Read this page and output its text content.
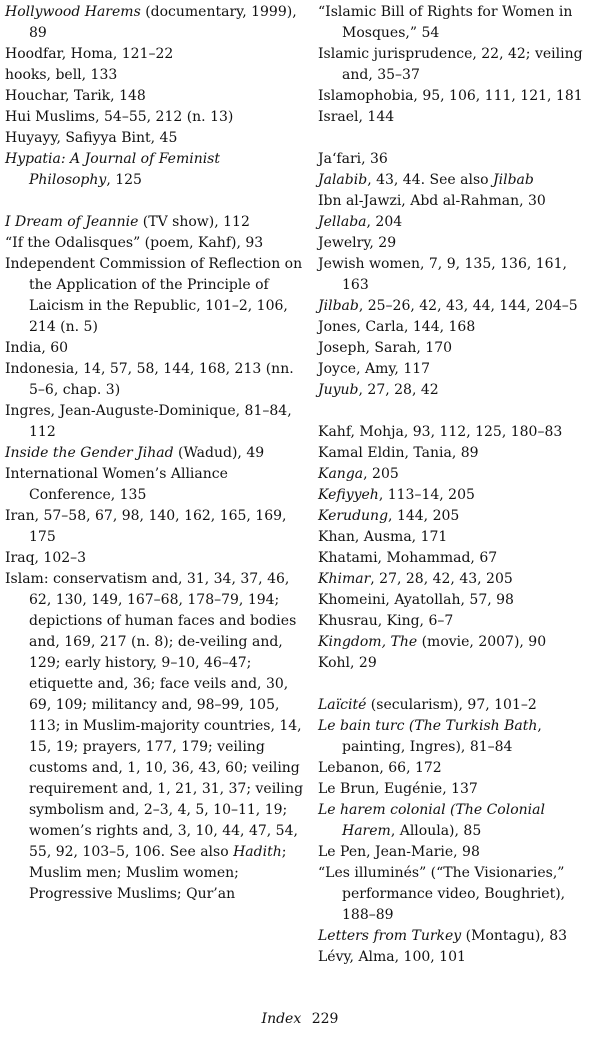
Hollywood Harems (documentary, 1999), 89

Hoodfar, Homa, 121–22

hooks, bell, 133

Houchar, Tarik, 148

Hui Muslims, 54–55, 212 (n. 13)

Huyayy, Safiyya Bint, 45

Hypatia: A Journal of Feminist Philosophy, 125

I Dream of Jeannie (TV show), 112

“If the Odalisques” (poem, Kahf), 93

Independent Commission of Reflection on the Application of the Principle of Laicism in the Republic, 101–2, 106, 214 (n. 5)

India, 60

Indonesia, 14, 57, 58, 144, 168, 213 (nn. 5–6, chap. 3)

Ingres, Jean-Auguste-Dominique, 81–84, 112

Inside the Gender Jihad (Wadud), 49

International Women’s Alliance Conference, 135

Iran, 57–58, 67, 98, 140, 162, 165, 169, 175

Iraq, 102–3

Islam: conservatism and, 31, 34, 37, 46, 62, 130, 149, 167–68, 178–79, 194; depictions of human faces and bodies and, 169, 217 (n. 8); de-veiling and, 129; early history, 9–10, 46–47; etiquette and, 36; face veils and, 30, 69, 109; militancy and, 98–99, 105, 113; in Muslim-majority countries, 14, 15, 19; prayers, 177, 179; veiling customs and, 1, 10, 36, 43, 60; veiling requirement and, 1, 21, 31, 37; veiling symbolism and, 2–3, 4, 5, 10–11, 19; women’s rights and, 3, 10, 44, 47, 54, 55, 92, 103–5, 106. See also Hadith; Muslim men; Muslim women; Progressive Muslims; Qur’an

“Islamic Bill of Rights for Women in Mosques,” 54

Islamic jurisprudence, 22, 42; veiling and, 35–37

Islamophobia, 95, 106, 111, 121, 181

Israel, 144

Ja‘fari, 36

Jalabib, 43, 44. See also Jilbab

Ibn al-Jawzi, Abd al-Rahman, 30

Jellaba, 204

Jewelry, 29

Jewish women, 7, 9, 135, 136, 161, 163

Jilbab, 25–26, 42, 43, 44, 144, 204–5

Jones, Carla, 144, 168

Joseph, Sarah, 170

Joyce, Amy, 117

Juyub, 27, 28, 42

Kahf, Mohja, 93, 112, 125, 180–83

Kamal Eldin, Tania, 89

Kanga, 205

Kefiyyeh, 113–14, 205

Kerudung, 144, 205

Khan, Ausma, 171

Khatami, Mohammad, 67

Khimar, 27, 28, 42, 43, 205

Khomeini, Ayatollah, 57, 98

Khusrau, King, 6–7

Kingdom, The (movie, 2007), 90

Kohl, 29

Laïcité (secularism), 97, 101–2

Le bain turc (The Turkish Bath, painting, Ingres), 81–84

Lebanon, 66, 172

Le Brun, Eugénie, 137

Le harem colonial (The Colonial Harem, Alloula), 85

Le Pen, Jean-Marie, 98

“Les illuminés” (“The Visionaries,” performance video, Boughriet), 188–89

Letters from Turkey (Montagu), 83

Lévy, Alma, 100, 101

Index 229
